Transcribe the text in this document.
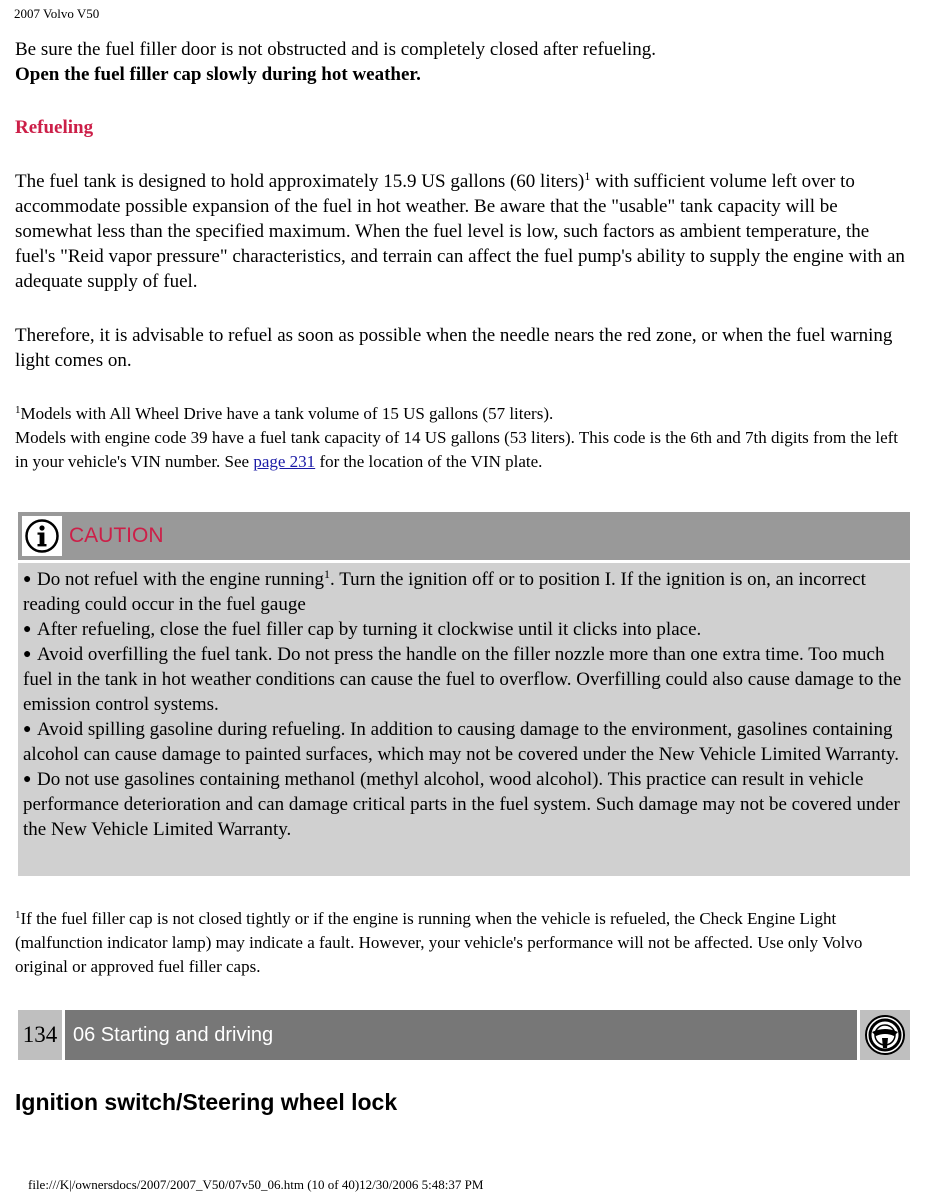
2007 Volvo V50

Be sure the fuel filler door is not obstructed and is completely closed after refueling.

Open the fuel filler cap slowly during hot weather.

Refueling

The fuel tank is designed to hold approximately 15.9 US gallons (60 liters)$^1$ with sufficient volume left over to accommodate possible expansion of the fuel in hot weather. Be aware that the "usable" tank capacity will be somewhat less than the specified maximum. When the fuel level is low, such factors as ambient temperature, the fuel's "Reid vapor pressure" characteristics, and terrain can affect the fuel pump's ability to supply the engine with an adequate supply of fuel.

Therefore, it is advisable to refuel as soon as possible when the needle nears the red zone, or when the fuel warning light comes on.

$^1$Models with All Wheel Drive have a tank volume of 15 US gallons (57 liters).
Models with engine code 39 have a fuel tank capacity of 14 US gallons (53 liters). This code is the 6th and 7th digits from the left in your vehicle's VIN number. See page 231 for the location of the VIN plate.
CAUTION

● Do not refuel with the engine running$^1$. Turn the ignition off or to position I. If the ignition is on, an incorrect reading could occur in the fuel gauge

● After refueling, close the fuel filler cap by turning it clockwise until it clicks into place.

● Avoid overfilling the fuel tank. Do not press the handle on the filler nozzle more than one extra time. Too much fuel in the tank in hot weather conditions can cause the fuel to overflow. Overfilling could also cause damage to the emission control systems.

● Avoid spilling gasoline during refueling. In addition to causing damage to the environment, gasolines containing alcohol can cause damage to painted surfaces, which may not be covered under the New Vehicle Limited Warranty.

● Do not use gasolines containing methanol (methyl alcohol, wood alcohol). This practice can result in vehicle performance deterioration and can damage critical parts in the fuel system. Such damage may not be covered under the New Vehicle Limited Warranty.

$^1$If the fuel filler cap is not closed tightly or if the engine is running when the vehicle is refueled, the Check Engine Light (malfunction indicator lamp) may indicate a fault. However, your vehicle's performance will not be affected. Use only Volvo original or approved fuel filler caps.
134 06 Starting and driving
Ignition switch/Steering wheel lock
file:///K|/ownersdocs/2007/2007_V50/07v50_06.htm (10 of 40)12/30/2006 5:48:37 PM
